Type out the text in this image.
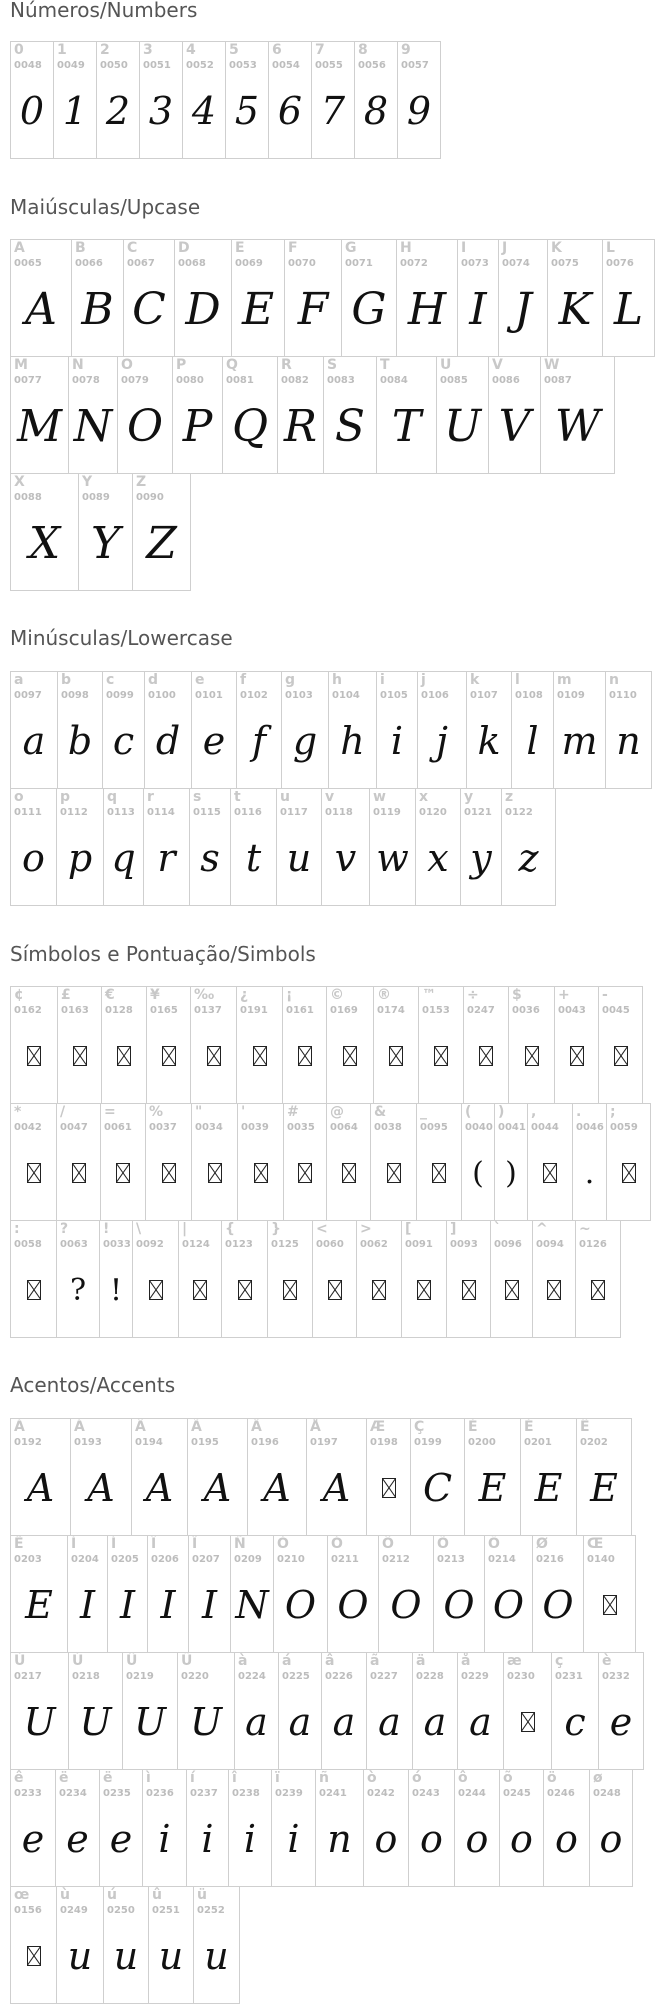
Números/Numbers
0
0048
0
1
0049
1
2
0050
2
3
0051
3
4
0052
4
5
0053
5
6
0054
6
7
0055
7
8
0056
8
9
0057
9
Maiúsculas/Upcase
A
0065
A
B
0066
B
C
0067
C
D
0068
D
E
0069
E
F
0070
F
G
0071
G
H
0072
H
I
0073
I
J
0074
J
K
0075
K
L
0076
L
M
0077
M
N
0078
N
O
0079
O
P
0080
P
Q
0081
Q
R
0082
R
S
0083
S
T
0084
T
U
0085
U
V
0086
V
W
0087
W
X
0088
X
Y
0089
Y
Z
0090
Z
Minúsculas/Lowercase
a
0097
a
b
0098
b
c
0099
c
d
0100
d
e
0101
e
f
0102
f
g
0103
g
h
0104
h
i
0105
i
j
0106
j
k
0107
k
l
0108
l
m
0109
m
n
0110
n
o
0111
o
p
0112
p
q
0113
q
r
0114
r
s
0115
s
t
0116
t
u
0117
u
v
0118
v
w
0119
w
x
0120
x
y
0121
y
z
0122
z
Símbolos e Pontuação/Simbols
¢
0162
£
0163
€
0128
¥
0165
‰
0137
¿
0191
¡
0161
©
0169
®
0174
™
0153
÷
0247
$
0036
+
0043
-
0045
*
0042
/
0047
=
0061
%
0037
"
0034
'
0039
#
0035
@
0064
&
0038
_
0095
(
0040
(
)
0041
)
,
0044
.
0046
.
;
0059
:
0058
?
0063
?
!
0033
!
\
0092
|
0124
{
0123
}
0125
<
0060
>
0062
[
0091
]
0093
`
0096
^
0094
~
0126
Acentos/Accents
À
0192
A
Á
0193
A
Â
0194
A
Ã
0195
A
Ä
0196
A
Å
0197
A
Æ
0198
Ç
0199
C
È
0200
E
É
0201
E
Ê
0202
E
Ë
0203
E
Ì
0204
I
Í
0205
I
Î
0206
I
Ï
0207
I
Ñ
0209
N
Ò
0210
O
Ó
0211
O
Ô
0212
O
Õ
0213
O
Ö
0214
O
Ø
0216
O
Œ
0140
Ù
0217
U
Ú
0218
U
Û
0219
U
Ü
0220
U
à
0224
a
á
0225
a
â
0226
a
ã
0227
a
ä
0228
a
å
0229
a
æ
0230
ç
0231
c
è
0232
e
ê
0233
e
ë
0234
e
ë
0235
e
ì
0236
i
í
0237
i
î
0238
i
ï
0239
i
ñ
0241
n
ò
0242
o
ó
0243
o
ô
0244
o
õ
0245
o
ö
0246
o
ø
0248
o
œ
0156
ù
0249
u
ú
0250
u
û
0251
u
ü
0252
u
